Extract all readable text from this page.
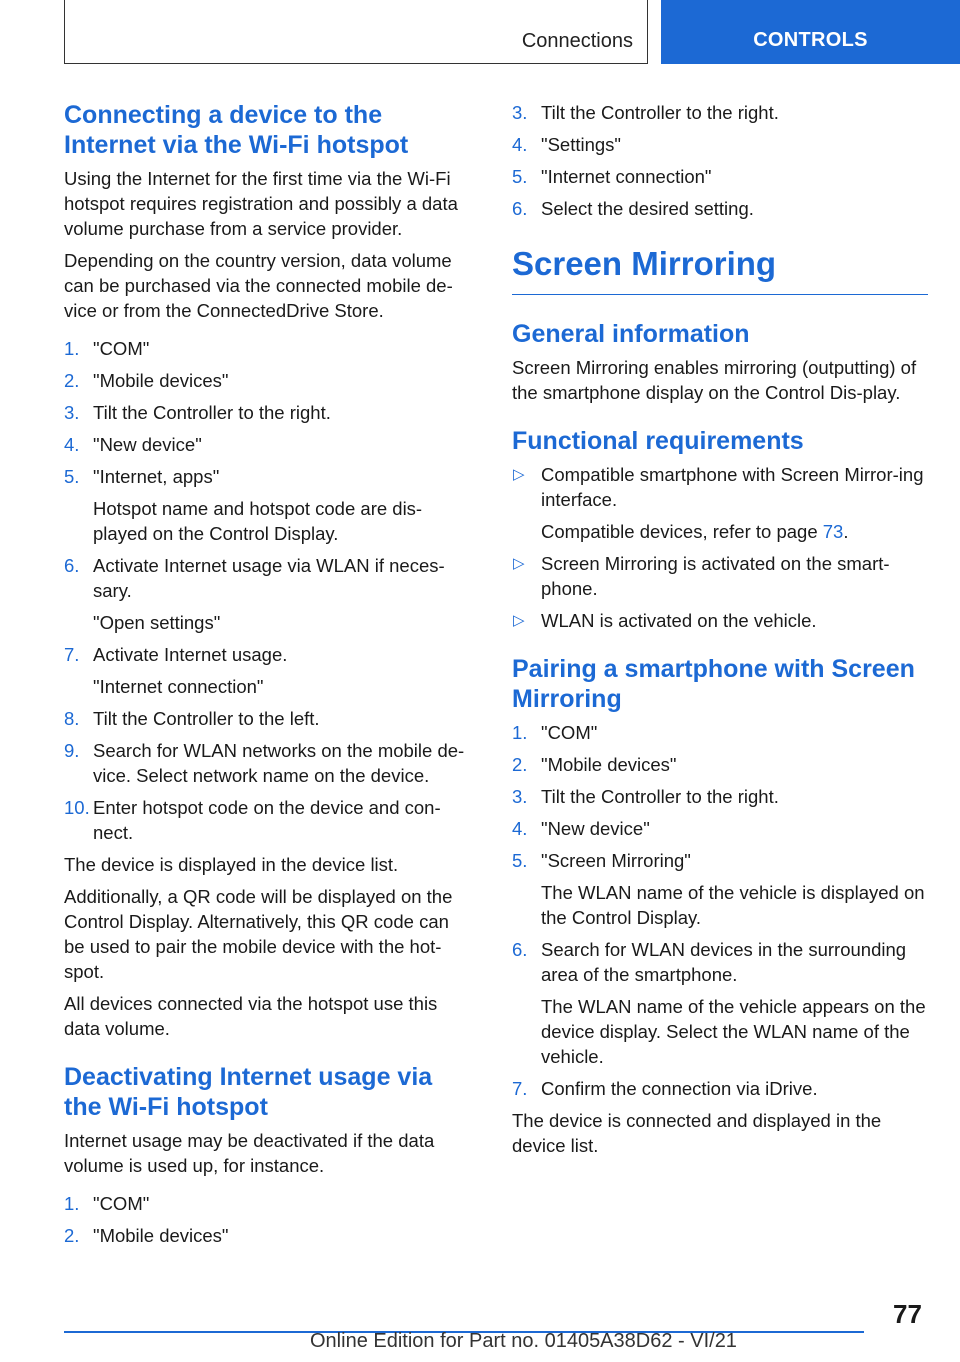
Connections	CONTROLS
Connecting a device to the Internet via the Wi-Fi hotspot

Using the Internet for the first time via the Wi-Fi hotspot requires registration and possibly a data volume purchase from a service provider.

Depending on the country version, data volume can be purchased via the connected mobile de-vice or from the ConnectedDrive Store.

1. "COM"
2. "Mobile devices"
3. Tilt the Controller to the right.
4. "New device"
5. "Internet, apps"
Hotspot name and hotspot code are dis-played on the Control Display.
6. Activate Internet usage via WLAN if neces-sary.
"Open settings"
7. Activate Internet usage.
"Internet connection"
8. Tilt the Controller to the left.
9. Search for WLAN networks on the mobile de-vice. Select network name on the device.
10. Enter hotspot code on the device and con-nect.

The device is displayed in the device list.

Additionally, a QR code will be displayed on the Control Display. Alternatively, this QR code can be used to pair the mobile device with the hot-spot.

All devices connected via the hotspot use this data volume.

Deactivating Internet usage via the Wi-Fi hotspot

Internet usage may be deactivated if the data volume is used up, for instance.

1. "COM"
2. "Mobile devices"
3. Tilt the Controller to the right.
4. "Settings"
5. "Internet connection"
6. Select the desired setting.
Screen Mirroring
General information

Screen Mirroring enables mirroring (outputting) of the smartphone display on the Control Dis-play.

Functional requirements
▷ Compatible smartphone with Screen Mirror-ing interface.
Compatible devices, refer to page 73.
▷ Screen Mirroring is activated on the smart-phone.
▷ WLAN is activated on the vehicle.
Pairing a smartphone with Screen Mirroring
1. "COM"
2. "Mobile devices"
3. Tilt the Controller to the right.
4. "New device"
5. "Screen Mirroring"
The WLAN name of the vehicle is displayed on the Control Display.
6. Search for WLAN devices in the surrounding area of the smartphone.
The WLAN name of the vehicle appears on the device display. Select the WLAN name of the vehicle.
7. Confirm the connection via iDrive.

The device is connected and displayed in the device list.

77
Online Edition for Part no. 01405A38D62 - VI/21
